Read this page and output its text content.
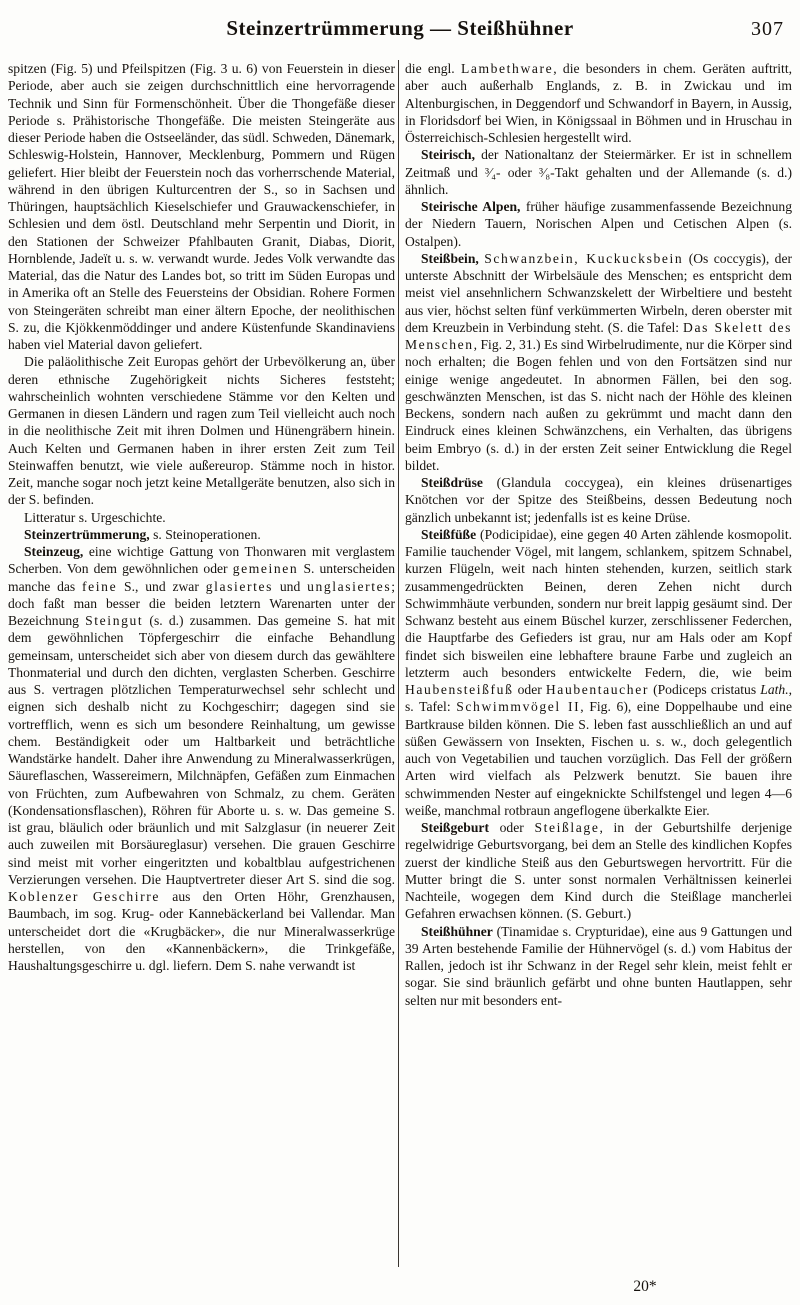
Steinzertrümmerung — Steißhühner	307

spitzen (Fig. 5) und Pfeilspitzen (Fig. 3 u. 6) von Feuerstein in dieser Periode, aber auch sie zeigen durchschnittlich eine hervorragende Technik und Sinn für Formenschönheit. Über die Thongefäße dieser Periode s. Prähistorische Thongefäße. Die meisten Steingeräte aus dieser Periode haben die Ostseeländer, das südl. Schweden, Dänemark, Schleswig-Holstein, Hannover, Mecklenburg, Pommern und Rügen geliefert. Hier bleibt der Feuerstein noch das vorherrschende Material, während in den übrigen Kulturcentren der S., so in Sachsen und Thüringen, hauptsächlich Kieselschiefer und Grauwackenschiefer, in Schlesien und dem östl. Deutschland mehr Serpentin und Diorit, in den Stationen der Schweizer Pfahlbauten Granit, Diabas, Diorit, Hornblende, Jadeït u. s. w. verwandt wurde. Jedes Volk verwandte das Material, das die Natur des Landes bot, so tritt im Süden Europas und in Amerika oft an Stelle des Feuersteins der Obsidian. Rohere Formen von Steingeräten schreibt man einer ältern Epoche, der neolithischen S. zu, die Kjökkenmöddinger und andere Küstenfunde Skandinaviens haben viel Material davon geliefert.

Die paläolithische Zeit Europas gehört der Urbevölkerung an, über deren ethnische Zugehörigkeit nichts Sicheres feststeht; wahrscheinlich wohnten verschiedene Stämme vor den Kelten und Germanen in diesen Ländern und ragen zum Teil vielleicht auch noch in die neolithische Zeit mit ihren Dolmen und Hünengräbern hinein. Auch Kelten und Germanen haben in ihrer ersten Zeit zum Teil Steinwaffen benutzt, wie viele außereurop. Stämme noch in histor. Zeit, manche sogar noch jetzt keine Metallgeräte benutzen, also sich in der S. befinden.

Litteratur s. Urgeschichte.

Steinzertrümmerung, s. Steinoperationen.

Steinzeug, eine wichtige Gattung von Thonwaren mit verglastem Scherben. Von dem gewöhnlichen oder gemeinen S. unterscheiden manche das feine S., und zwar glasiertes und unglasiertes; doch faßt man besser die beiden letztern Warenarten unter der Bezeichnung Steingut (s. d.) zusammen. Das gemeine S. hat mit dem gewöhnlichen Töpfergeschirr die einfache Behandlung gemeinsam, unterscheidet sich aber von diesem durch das gewähltere Thonmaterial und durch den dichten, verglasten Scherben. Geschirre aus S. vertragen plötzlichen Temperaturwechsel sehr schlecht und eignen sich deshalb nicht zu Kochgeschirr; dagegen sind sie vortrefflich, wenn es sich um besondere Reinhaltung, um gewisse chem. Beständigkeit oder um Haltbarkeit und beträchtliche Wandstärke handelt. Daher ihre Anwendung zu Mineralwasserkrügen, Säureflaschen, Wassereimern, Milchnäpfen, Gefäßen zum Einmachen von Früchten, zum Aufbewahren von Schmalz, zu chem. Geräten (Kondensationsflaschen), Röhren für Aborte u. s. w. Das gemeine S. ist grau, bläulich oder bräunlich und mit Salzglasur (in neuerer Zeit auch zuweilen mit Borsäureglasur) versehen. Die grauen Geschirre sind meist mit vorher eingeritzten und kobaltblau aufgestrichenen Verzierungen versehen. Die Hauptvertreter dieser Art S. sind die sog. Koblenzer Geschirre aus den Orten Höhr, Grenzhausen, Baumbach, im sog. Krug- oder Kannebäckerland bei Vallendar. Man unterscheidet dort die «Krugbäcker», die nur Mineralwasserkrüge herstellen, von den «Kannenbäckern», die Trinkgefäße, Haushaltungsgeschirre u. dgl. liefern. Dem S. nahe verwandt ist

die engl. Lambethware, die besonders in chem. Geräten auftritt, aber auch außerhalb Englands, z. B. in Zwickau und im Altenburgischen, in Deggendorf und Schwandorf in Bayern, in Aussig, in Floridsdorf bei Wien, in Königssaal in Böhmen und in Hruschau in Österreichisch-Schlesien hergestellt wird.

Steirisch, der Nationaltanz der Steiermärker. Er ist in schnellem Zeitmaß und ³⁄₄- oder ³⁄₈-Takt gehalten und der Allemande (s. d.) ähnlich.

Steirische Alpen, früher häufige zusammenfassende Bezeichnung der Niedern Tauern, Norischen Alpen und Cetischen Alpen (s. Ostalpen).

Steißbein, Schwanzbein, Kuckucksbein (Os coccygis), der unterste Abschnitt der Wirbelsäule des Menschen; es entspricht dem meist viel ansehnlichern Schwanzskelett der Wirbeltiere und besteht aus vier, höchst selten fünf verkümmerten Wirbeln, deren oberster mit dem Kreuzbein in Verbindung steht. (S. die Tafel: Das Skelett des Menschen, Fig. 2, 31.) Es sind Wirbelrudimente, nur die Körper sind noch erhalten; die Bogen fehlen und von den Fortsätzen sind nur einige wenige angedeutet. In abnormen Fällen, bei den sog. geschwänzten Menschen, ist das S. nicht nach der Höhle des kleinen Beckens, sondern nach außen zu gekrümmt und macht dann den Eindruck eines kleinen Schwänzchens, ein Verhalten, das übrigens beim Embryo (s. d.) in der ersten Zeit seiner Entwicklung die Regel bildet.

Steißdrüse (Glandula coccygea), ein kleines drüsenartiges Knötchen vor der Spitze des Steißbeins, dessen Bedeutung noch gänzlich unbekannt ist; jedenfalls ist es keine Drüse.

Steißfüße (Podicipidae), eine gegen 40 Arten zählende kosmopolit. Familie tauchender Vögel, mit langem, schlankem, spitzem Schnabel, kurzen Flügeln, weit nach hinten stehenden, kurzen, seitlich stark zusammengedrückten Beinen, deren Zehen nicht durch Schwimmhäute verbunden, sondern nur breit lappig gesäumt sind. Der Schwanz besteht aus einem Büschel kurzer, zerschlissener Federchen, die Hauptfarbe des Gefieders ist grau, nur am Hals oder am Kopf findet sich bisweilen eine lebhaftere braune Farbe und zugleich an letzterm auch besonders entwickelte Federn, die, wie beim Haubensteißfuß oder Haubentaucher (Podiceps cristatus Lath., s. Tafel: Schwimmvögel II, Fig. 6), eine Doppelhaube und eine Bartkrause bilden können. Die S. leben fast ausschließlich an und auf süßen Gewässern von Insekten, Fischen u. s. w., doch gelegentlich auch von Vegetabilien und tauchen vorzüglich. Das Fell der größern Arten wird vielfach als Pelzwerk benutzt. Sie bauen ihre schwimmenden Nester auf eingeknickte Schilfstengel und legen 4—6 weiße, manchmal rotbraun angeflogene überkalkte Eier.

Steißgeburt oder Steißlage, in der Geburtshilfe derjenige regelwidrige Geburtsvorgang, bei dem an Stelle des kindlichen Kopfes zuerst der kindliche Steiß aus den Geburtswegen hervortritt. Für die Mutter bringt die S. unter sonst normalen Verhältnissen keinerlei Nachteile, wogegen dem Kind durch die Steißlage mancherlei Gefahren erwachsen können. (S. Geburt.)

Steißhühner (Tinamidae s. Crypturidae), eine aus 9 Gattungen und 39 Arten bestehende Familie der Hühnervögel (s. d.) vom Habitus der Rallen, jedoch ist ihr Schwanz in der Regel sehr klein, meist fehlt er sogar. Sie sind bräunlich gefärbt und ohne bunten Hautlappen, sehr selten nur mit besonders ent-

20*
